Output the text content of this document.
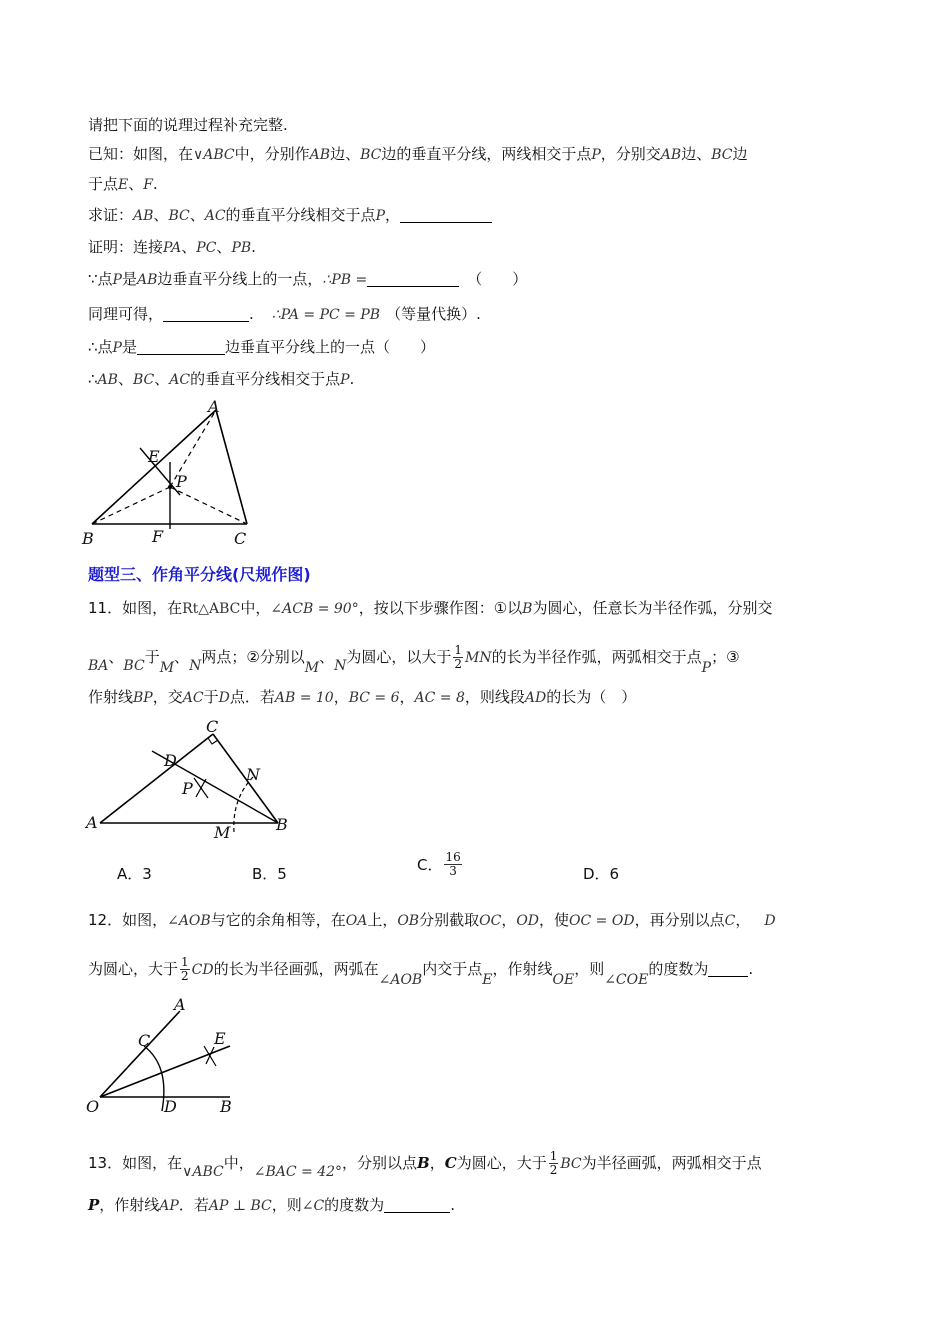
请把下面的说理过程补充完整.
已知：如图，在∨ABC中，分别作AB边、BC边的垂直平分线，两线相交于点P，分别交AB边、BC边
于点E、F.
求证：AB、BC、AC的垂直平分线相交于点P，
证明：连接PA、PC、PB.
∵点P是AB边垂直平分线上的一点，∴PB =	（　　）
同理可得，	. ∴PA = PC = PB （等量代换）.
∴点P是	边垂直平分线上的一点（　　）
∴AB、BC、AC的垂直平分线相交于点P.
A
B	C
E
F
P
题型三、作角平分线(尺规作图)
11．如图，在Rt△ABC中，∠ACB = 90°，按以下步骤作图：①以B为圆心，任意长为半径作弧，分别交
BA、BC于M、N两点；②分别以M、N为圆心，以大于 $\frac{1}{2}$ MN的长为半径作弧，两弧相交于点P；③
作射线BP，交AC于D点．若AB = 10，BC = 6，AC = 8，则线段AD的长为（　）
C
D
N
P
A	B
M
A．3	B．5	C． $\frac{16}{3}$	D．6
12．如图，∠AOB与它的余角相等，在OA上，OB分别截取OC，OD，使OC = OD，再分别以点C， D
为圆心，大于 $\frac{1}{2}$ CD的长为半径画弧，两弧在∠AOB内交于点E，作射线OE，则∠COE的度数为	.
A
C	E
O	D	B
13．如图，在∨ABC中，∠BAC = 42°，分别以点B，C为圆心，大于 $\frac{1}{2}$ BC为半径画弧，两弧相交于点
P，作射线AP．若AP ⊥ BC，则∠C的度数为	.
